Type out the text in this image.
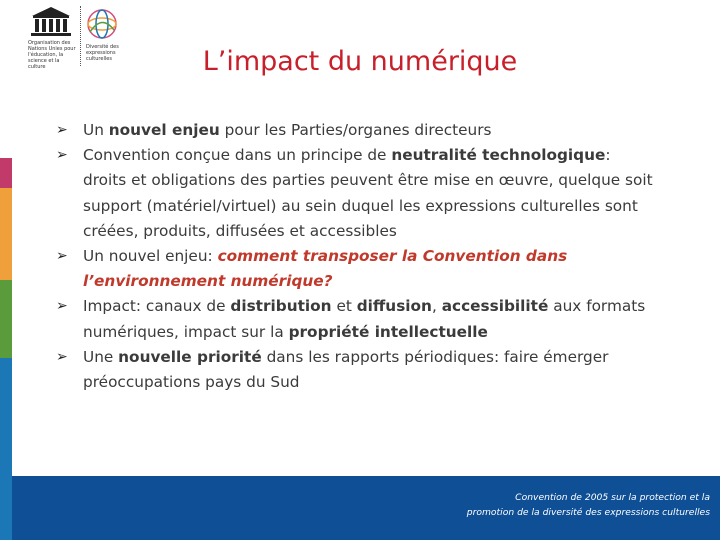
Organisation des Nations Unies pour l'éducation, la science et la culture
Diversité des expressions culturelles	L’impact du numérique
➢ Un nouvel enjeu pour les Parties/organes directeurs
➢ Convention conçue dans un principe de neutralité technologique: droits et obligations des parties peuvent être mise en œuvre, quelque soit support (matériel/virtuel) au sein duquel les expressions culturelles sont créées, produits, diffusées et accessibles
➢ Un nouvel enjeu: comment transposer la Convention dans l’environnement numérique?
➢ Impact: canaux de distribution et diffusion, accessibilité aux formats numériques, impact sur la propriété intellectuelle
➢ Une nouvelle priorité dans les rapports périodiques: faire émerger préoccupations pays du Sud
Convention de 2005 sur la protection et la
promotion de la diversité des expressions culturelles
